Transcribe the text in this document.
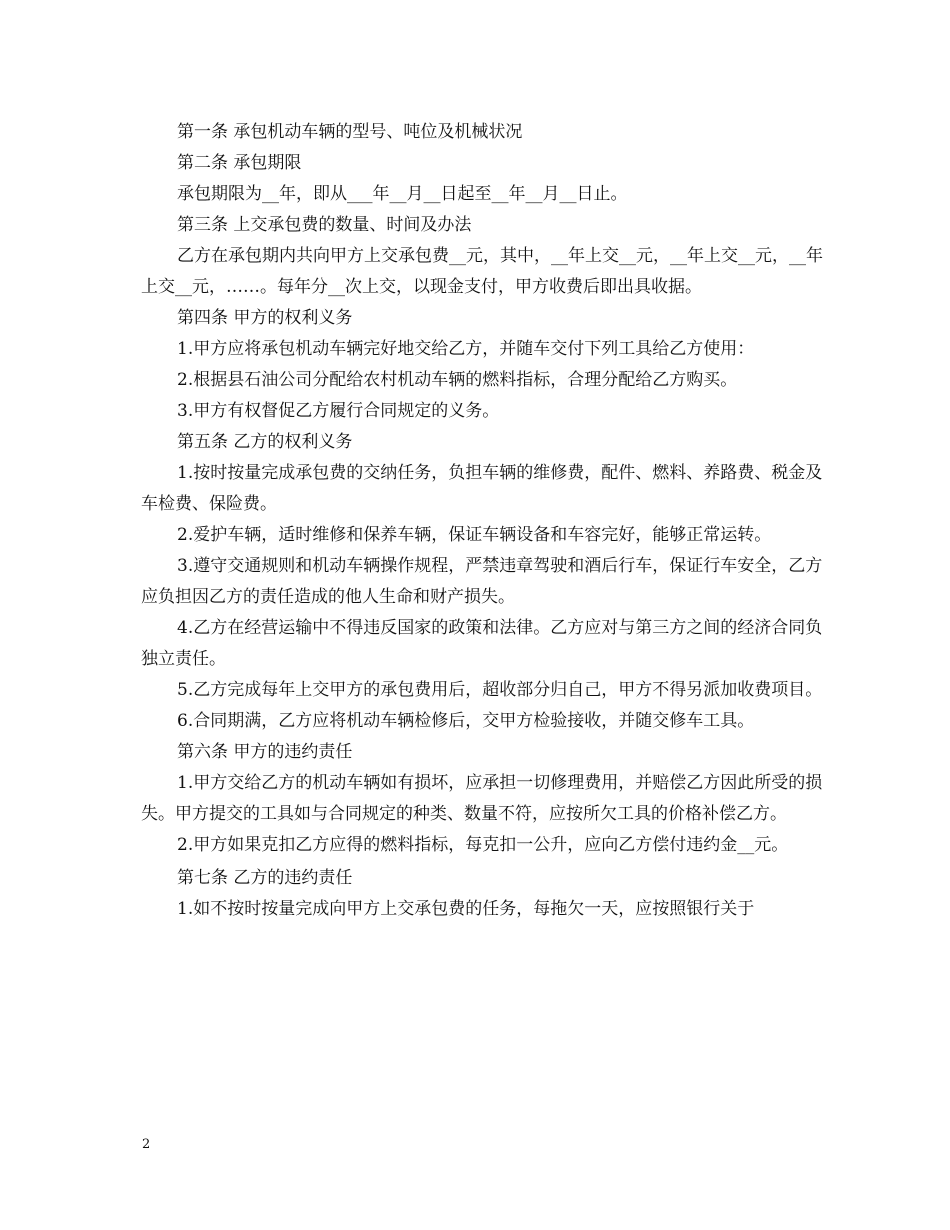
第一条 承包机动车辆的型号、吨位及机械状况

第二条 承包期限

承包期限为__年，即从___年__月__日起至__年__月__日止。

第三条 上交承包费的数量、时间及办法

乙方在承包期内共向甲方上交承包费__元，其中，__年上交__元，__年上交__元，__年上交__元，……。每年分__次上交，以现金支付，甲方收费后即出具收据。

第四条 甲方的权利义务

1.甲方应将承包机动车辆完好地交给乙方，并随车交付下列工具给乙方使用：

2.根据县石油公司分配给农村机动车辆的燃料指标，合理分配给乙方购买。

3.甲方有权督促乙方履行合同规定的义务。

第五条 乙方的权利义务

1.按时按量完成承包费的交纳任务，负担车辆的维修费，配件、燃料、养路费、税金及车检费、保险费。

2.爱护车辆，适时维修和保养车辆，保证车辆设备和车容完好，能够正常运转。

3.遵守交通规则和机动车辆操作规程，严禁违章驾驶和酒后行车，保证行车安全，乙方应负担因乙方的责任造成的他人生命和财产损失。

4.乙方在经营运输中不得违反国家的政策和法律。乙方应对与第三方之间的经济合同负独立责任。

5.乙方完成每年上交甲方的承包费用后，超收部分归自己，甲方不得另派加收费项目。

6.合同期满，乙方应将机动车辆检修后，交甲方检验接收，并随交修车工具。

第六条 甲方的违约责任

1.甲方交给乙方的机动车辆如有损坏，应承担一切修理费用，并赔偿乙方因此所受的损失。甲方提交的工具如与合同规定的种类、数量不符，应按所欠工具的价格补偿乙方。

2.甲方如果克扣乙方应得的燃料指标，每克扣一公升，应向乙方偿付违约金__元。

第七条 乙方的违约责任

1.如不按时按量完成向甲方上交承包费的任务，每拖欠一天，应按照银行关于

2
